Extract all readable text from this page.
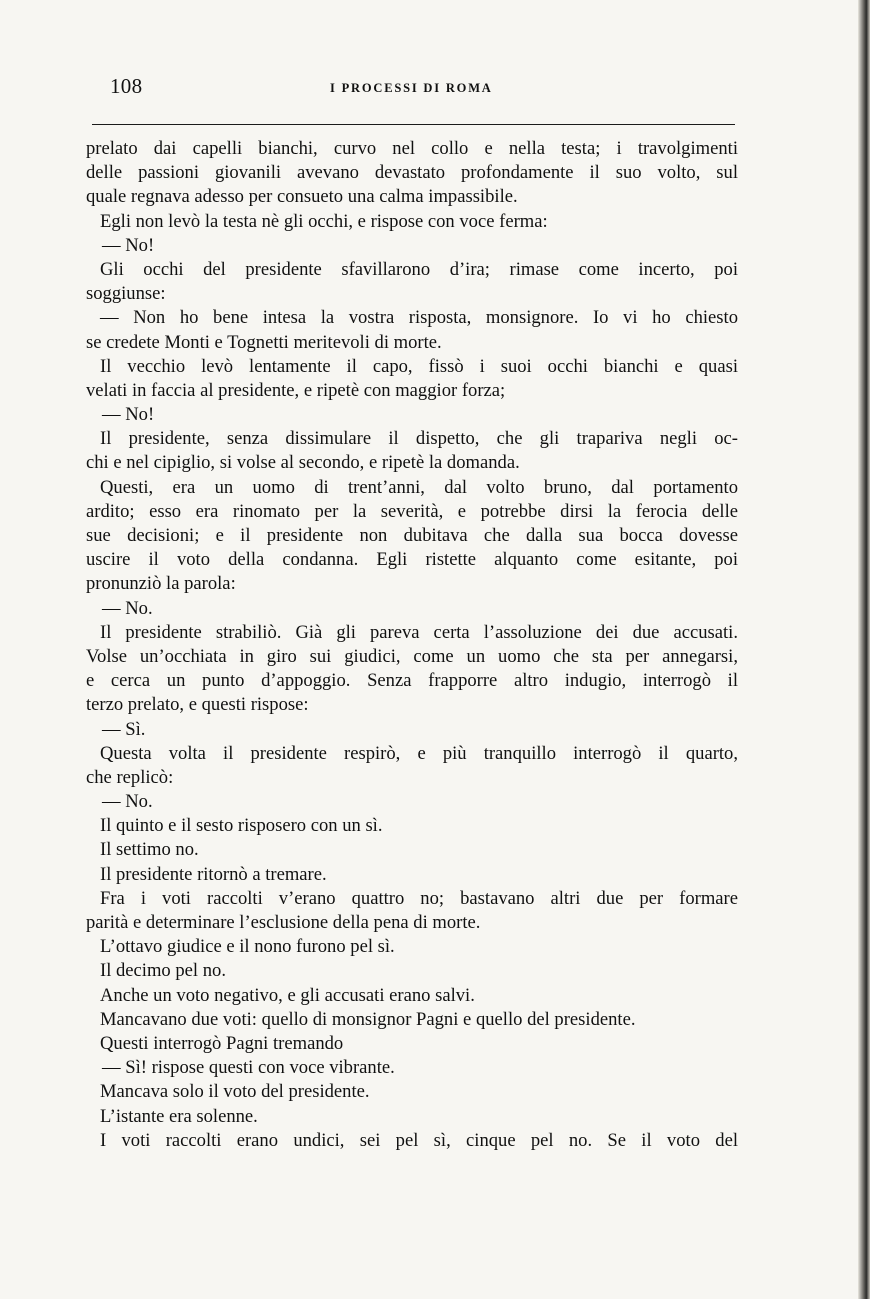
108	I PROCESSI DI ROMA
prelato dai capelli bianchi, curvo nel collo e nella testa; i travolgimenti
delle passioni giovanili avevano devastato profondamente il suo volto, sul
quale regnava adesso per consueto una calma impassibile.
Egli non levò la testa nè gli occhi, e rispose con voce ferma:
— No!
Gli occhi del presidente sfavillarono d’ira; rimase come incerto, poi
soggiunse:
— Non ho bene intesa la vostra risposta, monsignore. Io vi ho chiesto
se credete Monti e Tognetti meritevoli di morte.
Il vecchio levò lentamente il capo, fissò i suoi occhi bianchi e quasi
velati in faccia al presidente, e ripetè con maggior forza;
— No!
Il presidente, senza dissimulare il dispetto, che gli trapariva negli oc-
chi e nel cipiglio, si volse al secondo, e ripetè la domanda.
Questi, era un uomo di trent’anni, dal volto bruno, dal portamento
ardito; esso era rinomato per la severità, e potrebbe dirsi la ferocia delle
sue decisioni; e il presidente non dubitava che dalla sua bocca dovesse
uscire il voto della condanna. Egli ristette alquanto come esitante, poi
pronunziò la parola:
— No.
Il presidente strabiliò. Già gli pareva certa l’assoluzione dei due accusati.
Volse un’occhiata in giro sui giudici, come un uomo che sta per annegarsi,
e cerca un punto d’appoggio. Senza frapporre altro indugio, interrogò il
terzo prelato, e questi rispose:
— Sì.
Questa volta il presidente respirò, e più tranquillo interrogò il quarto,
che replicò:
— No.
Il quinto e il sesto risposero con un sì.
Il settimo no.
Il presidente ritornò a tremare.
Fra i voti raccolti v’erano quattro no; bastavano altri due per formare
parità e determinare l’esclusione della pena di morte.
L’ottavo giudice e il nono furono pel sì.
Il decimo pel no.
Anche un voto negativo, e gli accusati erano salvi.
Mancavano due voti: quello di monsignor Pagni e quello del presidente.
Questi interrogò Pagni tremando
— Sì! rispose questi con voce vibrante.
Mancava solo il voto del presidente.
L’istante era solenne.
I voti raccolti erano undici, sei pel sì, cinque pel no. Se il voto del
